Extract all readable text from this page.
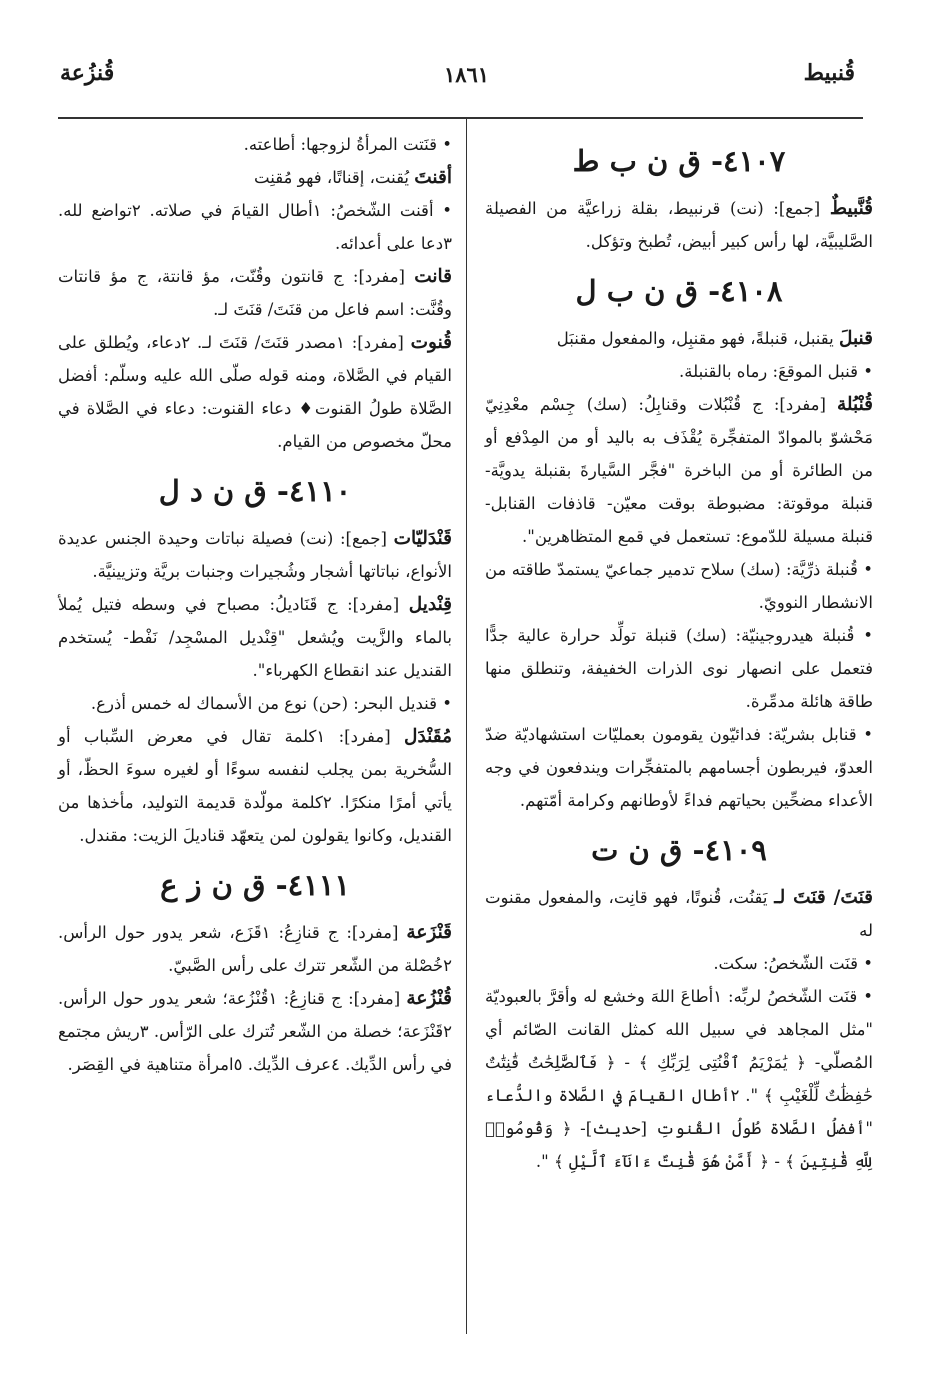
قُنبيط
١٨٦١
قُنزُعة
٤١٠٧- ق ن ب ط
قُنَّبيطٌ [جمع]: (نت) قرنبيط، بقلة زراعيَّة من الفصيلة الصَّليبيَّة، لها رأس كبير أبيض، تُطبخ وتؤكل.
٤١٠٨- ق ن ب ل
قنبلَ يقنبل، قنبلةً، فهو مقنبِل، والمفعول مقنبَل
• قنبل الموقعَ: رماه بالقنبلة.
قُنْبُلة [مفرد]: ج قُنْبُلات وقنابِلُ: (سك) جِسْم معْدِنِيّ مَحْشوّ بالموادّ المتفجِّرة يُقْذَف به باليد أو من المِدْفع أو من الطائرة أو من الباخرة "فجَّر السَّيارةَ بقنبلة يدويَّة- قنبلة موقوتة: مضبوطة بوقت معيّن- قاذفات القنابل- قنبلة مسيلة للدّموع: تستعمل في قمع المتظاهرين".
• قُنبلة ذرِّيَّة: (سك) سلاح تدمير جماعيّ يستمدّ طاقته من الانشطار النوويّ.
• قُنبلة هيدروجينيّة: (سك) قنبلة تولِّد حرارة عالية جدًّا فتعمل على انصهار نوى الذرات الخفيفة، وتنطلق منها طاقة هائلة مدمِّرة.
• قنابل بشريّة: فدائيّون يقومون بعمليّات استشهاديّة ضدّ العدوّ، فيربطون أجسامهم بالمتفجِّرات ويندفعون في وجه الأعداء مضحِّين بحياتهم فداءً لأوطانهم وكرامة أمّتهم.
٤١٠٩- ق ن ت
قنَتَ/ قنَتَ لـ يَقنُت، قُنوتًا، فهو قانِت، والمفعول مقنوت له
• قنَت الشّخصُ: سكت.
• قنَت الشّخصُ لربِّه: ١أطاعَ اللهَ وخشع له وأقرَّ بالعبوديّة "مثل المجاهد في سبيل الله كمثل القانت الصّائم أي المُصلّي- ﴿ يَٰمَرْيَمُ ٱقْنُتِى لِرَبِّكِ ﴾ - ﴿ فَٱلصَّٰلِحَٰتُ قَٰنِتَٰتٌ حَٰفِظَٰتٌ لِّلْغَيْبِ ﴾ ". ٢أطال القيامَ في الصَّلاة والدُّعاء "أفضلُ الصَّلاة طُولُ القُنوتِ [حديث]- ﴿ وَقُومُوا۟ لِلَّهِ قَٰنِتِينَ ﴾ - ﴿ أَمَّنْ هُوَ قَٰنِتٌ ءَانَآءَ ٱلَّيْلِ ﴾ ".
• قنَتت المرأةُ لزوجها: أطاعته.
أقنتَ يُقنت، إقناتًا، فهو مُقنِت
• أقنت الشّخصُ: ١أطال القيامَ في صلاته. ٢تواضع لله. ٣دعا على أعدائه.
قانت [مفرد]: ج قانتون وقُنّت، مؤ قانتة، ج مؤ قانتات وقُنَّت: اسم فاعل من قنَتَ/ قنَتَ لـ.
قُنوت [مفرد]: ١مصدر قنَتَ/ قنَتَ لـ. ٢دعاء، ويُطلق على القيام في الصَّلاة، ومنه قوله صلّى الله عليه وسلّم: أفضل الصَّلاة طولُ القنوت♦ دعاء القنوت: دعاء في الصَّلاة في محلّ مخصوص من القيام.
٤١١٠- ق ن د ل
قَنْدَليّات [جمع]: (نت) فصيلة نباتات وحيدة الجنس عديدة الأنواع، نباتاتها أشجار وشُجيرات وجنبات بريَّة وتزيينيَّة.
قِنْديل [مفرد]: ج قَنَاديلُ: مصباح في وسطه فتيل يُملأ بالماء والزَّيت ويُشعل "قِنْديل المسْجِد/ نَفْط- يُستخدم القنديل عند انقطاع الكهرباء".
• قنديل البحر: (حن) نوع من الأسماك له خمس أذرع.
مُقَنْدَل [مفرد]: ١كلمة تقال في معرض السِّباب أو السُّخرية بمن يجلب لنفسه سوءًا أو لغيره سوءَ الحظّ، أو يأتي أمرًا منكرًا. ٢كلمة مولّدة قديمة التوليد، مأخذها من القنديل، وكانوا يقولون لمن يتعهّد قناديلَ الزيت: مقندل.
٤١١١- ق ن ز ع
قَنْزَعة [مفرد]: ج قنازِعُ: ١قَزَع، شعر يدور حول الرأس. ٢خُصْلة من الشّعر تترك على رأس الصَّبيّ.
قُنْزُعة [مفرد]: ج قنازِعُ: ١قُنْزُعة؛ شعر يدور حول الرأس. ٢قَنْزَعة؛ خصلة من الشّعر تُترك على الرّأس. ٣ريش مجتمع في رأس الدِّيك. ٤عرف الدِّيك. ٥امرأة متناهية في القِصَر.
